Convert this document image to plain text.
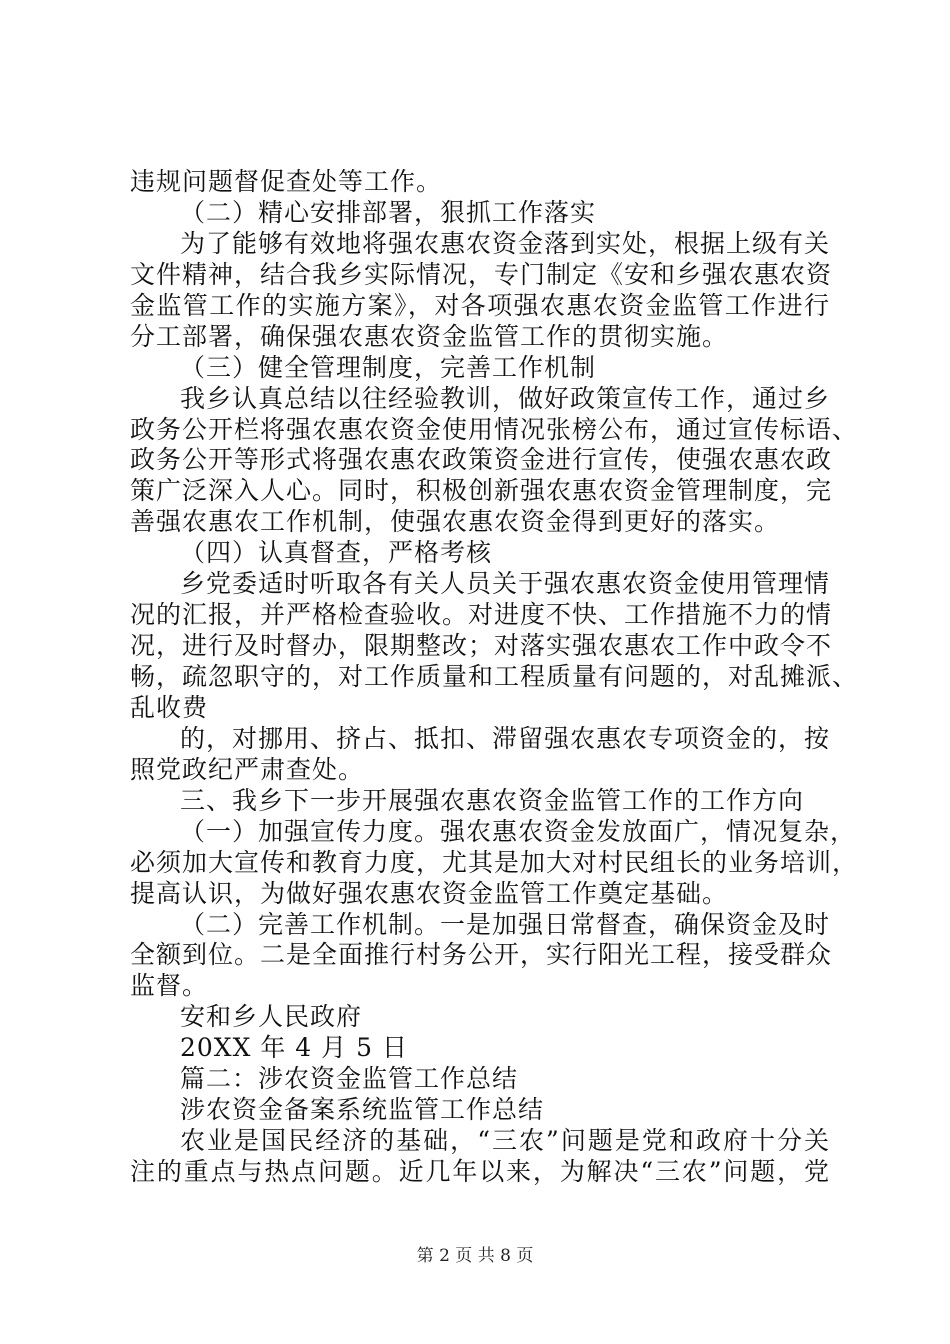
违规问题督促查处等工作。
（二）精心安排部署，狠抓工作落实
为了能够有效地将强农惠农资金落到实处，根据上级有关
文件精神，结合我乡实际情况，专门制定《安和乡强农惠农资
金监管工作的实施方案》，对各项强农惠农资金监管工作进行
分工部署，确保强农惠农资金监管工作的贯彻实施。
（三）健全管理制度，完善工作机制
我乡认真总结以往经验教训，做好政策宣传工作，通过乡
政务公开栏将强农惠农资金使用情况张榜公布，通过宣传标语、
政务公开等形式将强农惠农政策资金进行宣传，使强农惠农政
策广泛深入人心。同时，积极创新强农惠农资金管理制度，完
善强农惠农工作机制，使强农惠农资金得到更好的落实。
（四）认真督查，严格考核
乡党委适时听取各有关人员关于强农惠农资金使用管理情
况的汇报，并严格检查验收。对进度不快、工作措施不力的情
况，进行及时督办，限期整改；对落实强农惠农工作中政令不
畅，疏忽职守的，对工作质量和工程质量有问题的，对乱摊派、
乱收费
的，对挪用、挤占、抵扣、滞留强农惠农专项资金的，按
照党政纪严肃查处。
三、我乡下一步开展强农惠农资金监管工作的工作方向
（一）加强宣传力度。强农惠农资金发放面广，情况复杂，
必须加大宣传和教育力度，尤其是加大对村民组长的业务培训，
提高认识，为做好强农惠农资金监管工作奠定基础。
（二）完善工作机制。一是加强日常督查，确保资金及时
全额到位。二是全面推行村务公开，实行阳光工程，接受群众
监督。
安和乡人民政府
20XX 年 4 月 5 日
篇二：涉农资金监管工作总结
涉农资金备案系统监管工作总结
农业是国民经济的基础，“三农”问题是党和政府十分关
注的重点与热点问题。近几年以来，为解决“三农”问题，党
第 2 页 共 8 页
